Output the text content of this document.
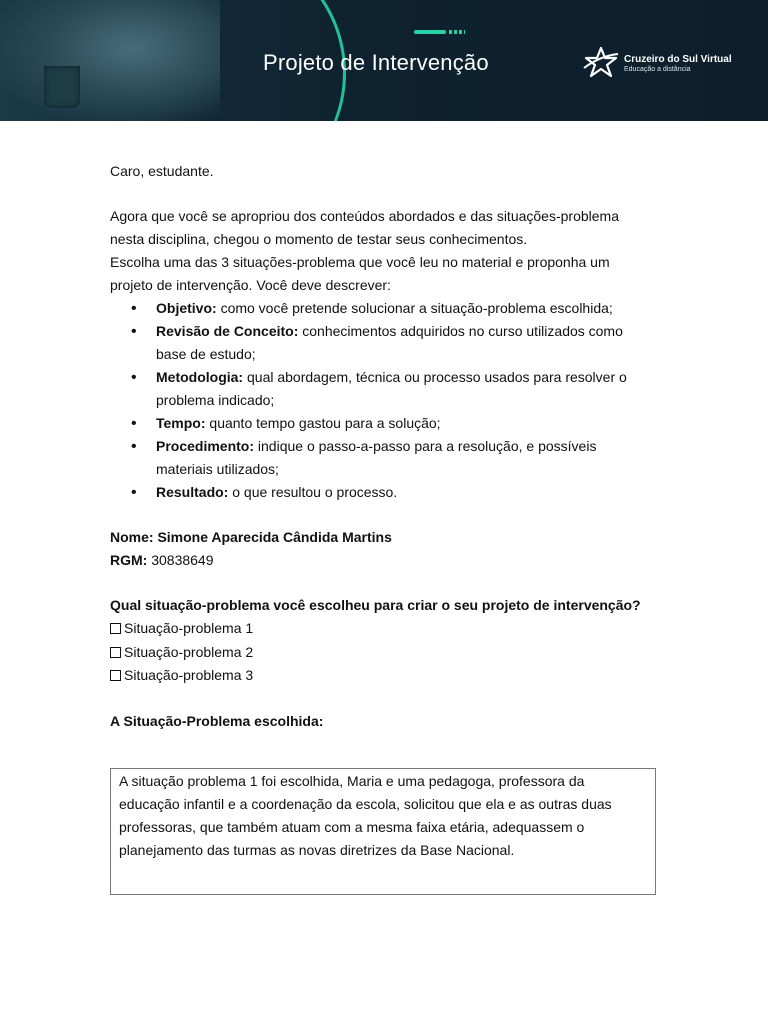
Projeto de Intervenção	Cruzeiro do Sul Virtual
Educação a distância

Caro, estudante.

Agora que você se apropriou dos conteúdos abordados e das situações-problema

nesta disciplina, chegou o momento de testar seus conhecimentos.

Escolha uma das 3 situações-problema que você leu no material e proponha um

projeto de intervenção. Você deve descrever:

• Objetivo: como você pretende solucionar a situação-problema escolhida;
• Revisão de Conceito: conhecimentos adquiridos no curso utilizados como
base de estudo;
• Metodologia: qual abordagem, técnica ou processo usados para resolver o
problema indicado;
• Tempo: quanto tempo gastou para a solução;
• Procedimento: indique o passo-a-passo para a resolução, e possíveis
materiais utilizados;
• Resultado: o que resultou o processo.

Nome: Simone Aparecida Cândida Martins

RGM: 30838649

Qual situação-problema você escolheu para criar o seu projeto de intervenção?

Situação-problema 1
Situação-problema 2
Situação-problema 3

A Situação-Problema escolhida:

A situação problema 1 foi escolhida, Maria e uma pedagoga, professora da
educação infantil e a coordenação da escola, solicitou que ela e as outras duas
professoras, que também atuam com a mesma faixa etária, adequassem o
planejamento das turmas as novas diretrizes da Base Nacional.
